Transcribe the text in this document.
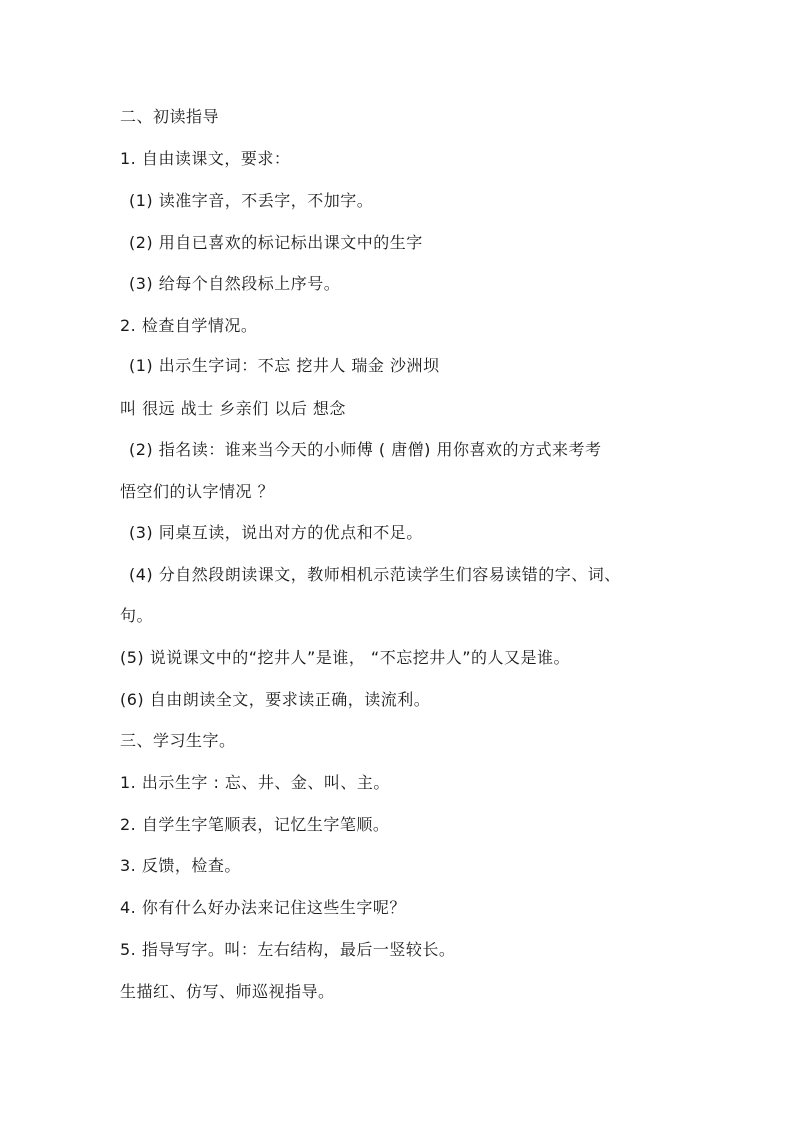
二、初读指导
1. 自由读课文，要求：
(1) 读准字音，不丢字，不加字。
(2) 用自已喜欢的标记标出课文中的生字
(3) 给每个自然段标上序号。
2. 检查自学情况。
(1) 出示生字词：不忘 挖井人 瑞金 沙洲坝
叫 很远 战士 乡亲们 以后 想念
(2) 指名读：谁来当今天的小师傅 ( 唐僧) 用你喜欢的方式来考考
悟空们的认字情况 ？
(3) 同桌互读，说出对方的优点和不足。
(4) 分自然段朗读课文，教师相机示范读学生们容易读错的字、词、
句。
(5) 说说课文中的“挖井人”是谁， “不忘挖井人”的人又是谁。
(6) 自由朗读全文，要求读正确，读流利。
三、学习生字。
1. 出示生字 : 忘、井、金、叫、主。
2. 自学生字笔顺表，记忆生字笔顺。
3. 反馈，检查。
4. 你有什么好办法来记住这些生字呢？
5. 指导写字。叫：左右结构，最后一竖较长。
生描红、仿写、师巡视指导。
